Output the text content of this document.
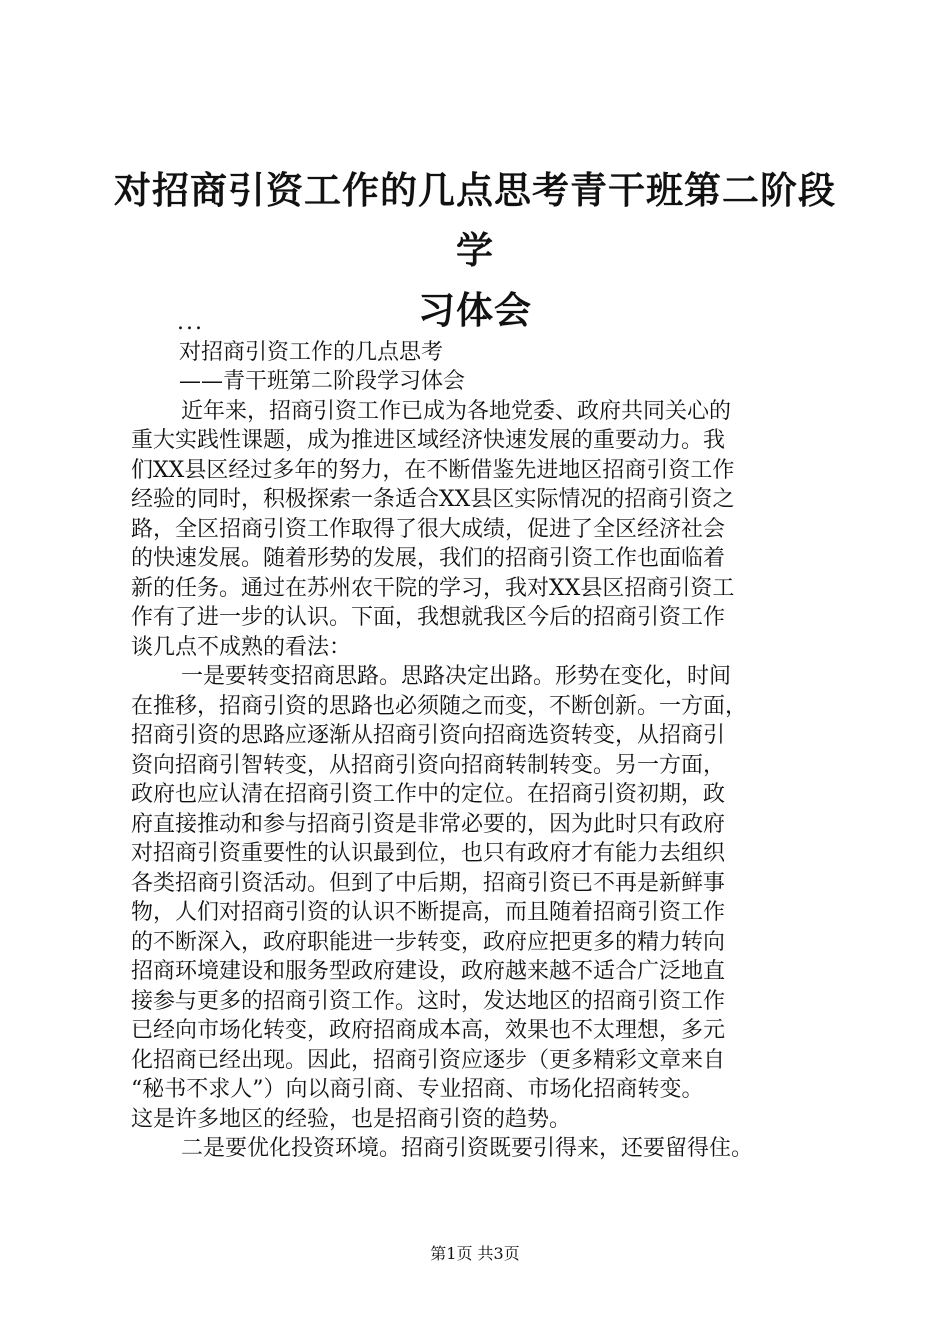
对招商引资工作的几点思考青干班第二阶段学
习体会
...
对招商引资工作的几点思考
——青干班第二阶段学习体会
近年来，招商引资工作已成为各地党委、政府共同关心的
重大实践性课题，成为推进区域经济快速发展的重要动力。我
们XX县区经过多年的努力，在不断借鉴先进地区招商引资工作
经验的同时，积极探索一条适合XX县区实际情况的招商引资之
路，全区招商引资工作取得了很大成绩，促进了全区经济社会
的快速发展。随着形势的发展，我们的招商引资工作也面临着
新的任务。通过在苏州农干院的学习，我对XX县区招商引资工
作有了进一步的认识。下面，我想就我区今后的招商引资工作
谈几点不成熟的看法：
一是要转变招商思路。思路决定出路。形势在变化，时间
在推移，招商引资的思路也必须随之而变，不断创新。一方面，
招商引资的思路应逐渐从招商引资向招商选资转变，从招商引
资向招商引智转变，从招商引资向招商转制转变。另一方面，
政府也应认清在招商引资工作中的定位。在招商引资初期，政
府直接推动和参与招商引资是非常必要的，因为此时只有政府
对招商引资重要性的认识最到位，也只有政府才有能力去组织
各类招商引资活动。但到了中后期，招商引资已不再是新鲜事
物，人们对招商引资的认识不断提高，而且随着招商引资工作
的不断深入，政府职能进一步转变，政府应把更多的精力转向
招商环境建设和服务型政府建设，政府越来越不适合广泛地直
接参与更多的招商引资工作。这时，发达地区的招商引资工作
已经向市场化转变，政府招商成本高，效果也不太理想，多元
化招商已经出现。因此，招商引资应逐步（更多精彩文章来自
“秘书不求人”）向以商引商、专业招商、市场化招商转变。
这是许多地区的经验，也是招商引资的趋势。
二是要优化投资环境。招商引资既要引得来，还要留得住。
第1页 共3页
